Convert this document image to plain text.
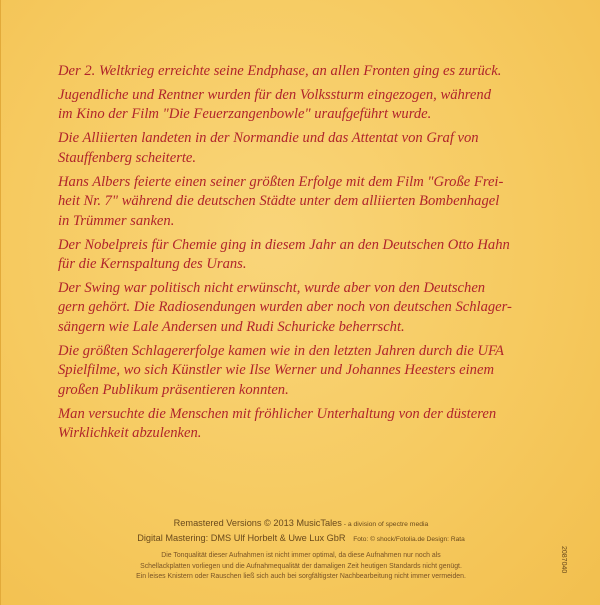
Der 2. Weltkrieg erreichte seine Endphase, an allen Fronten ging es zurück.

Jugendliche und Rentner wurden für den Volkssturm eingezogen, während
im Kino der Film "Die Feuerzangenbowle" uraufgeführt wurde.

Die Alliierten landeten in der Normandie und das Attentat von Graf von
Stauffenberg scheiterte.

Hans Albers feierte einen seiner größten Erfolge mit dem Film "Große Frei-
heit Nr. 7" während die deutschen Städte unter dem alliierten Bombenhagel
in Trümmer sanken.

Der Nobelpreis für Chemie ging in diesem Jahr an den Deutschen Otto Hahn
für die Kernspaltung des Urans.

Der Swing war politisch nicht erwünscht, wurde aber von den Deutschen
gern gehört. Die Radiosendungen wurden aber noch von deutschen Schlager-
sängern wie Lale Andersen und Rudi Schuricke beherrscht.

Die größten Schlagererfolge kamen wie in den letzten Jahren durch die UFA
Spielfilme, wo sich Künstler wie Ilse Werner und Johannes Heesters einem
großen Publikum präsentieren konnten.

Man versuchte die Menschen mit fröhlicher Unterhaltung von der düsteren
Wirklichkeit abzulenken.

Remastered Versions © 2013 MusicTales - a division of spectre media
Digital Mastering: DMS Ulf Horbelt & Uwe Lux GbR Foto: © shock/Fotolia.de Design: Rata
Die Tonqualität dieser Aufnahmen ist nicht immer optimal, da diese Aufnahmen nur noch als
Schellackplatten vorliegen und die Aufnahmequalität der damaligen Zeit heutigen Standards nicht genügt.
Ein leises Knistern oder Rauschen ließ sich auch bei sorgfältigster Nachbearbeitung nicht immer vermeiden.
2087040
